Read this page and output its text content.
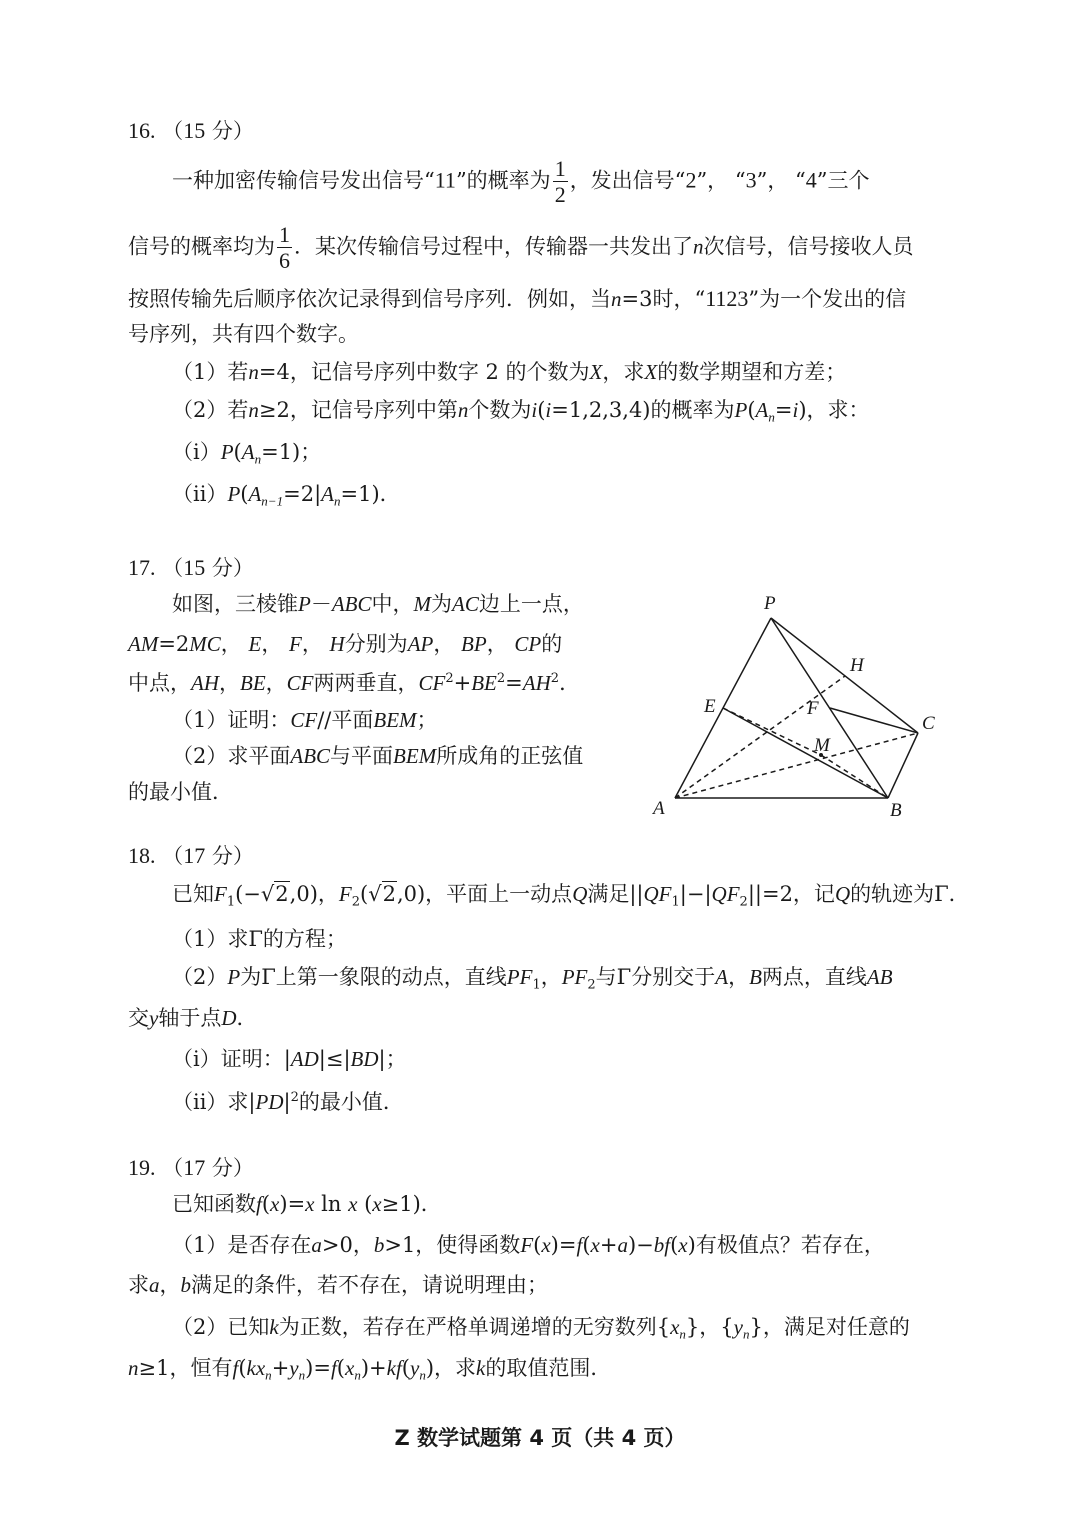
16. （15 分）
一种加密传输信号发出信号“11”的概率为 $\frac{1}{2}$ ，发出信号“2”， “3”， “4”三个
信号的概率均为 $\frac{1}{6}$ ．某次传输信号过程中，传输器一共发出了n次信号，信号接收人员
按照传输先后顺序依次记录得到信号序列．例如，当n=3时，“1123”为一个发出的信
号序列，共有四个数字。
（1）若n=4，记信号序列中数字 2 的个数为X，求X的数学期望和方差；
（2）若n≥2，记信号序列中第n个数为i(i=1,2,3,4)的概率为$P(A_n=i)$，求：
$(i)P(A_n=1)$；
$(ii)P(A_{n-1}=2|A_n=1)$．
17. （15 分）
如图，三棱锥P－ABC中，M为AC边上一点，
AM=2MC， E， F， H分别为AP， BP， CP的
中点，AH，BE，CF两两垂直，$CF^2+BE^2=AH^2$．
（1）证明：CF//平面BEM；
（2）求平面ABC与平面BEM所成角的正弦值
的最小值．
P
H
E	F
C
M
A	B
18. （17 分）
已知$F_1(-√2,0)$，$F_2(√2,0)$，平面上一动点Q满足$||QF_1|-|QF_2||=2$，记Q的轨迹为Γ．
（1）求Γ的方程；
（2）P为Γ上第一象限的动点，直线$PF_1$，$PF_2$与Γ分别交于A，B两点，直线AB
交y轴于点D．
（i）证明：|AD|≤|BD|；
（ii）求$|PD|^2$的最小值．
19. （17 分）
已知函数f(x)=x ln x (x≥1)．
（1）是否存在a>0，b>1，使得函数F(x)=f(x+a)−bf(x)有极值点？若存在，
求a，b满足的条件，若不存在，请说明理由；
（2）已知k为正数，若存在严格单调递增的无穷数列$\{x_n\}$，$\{y_n\}$，满足对任意的
n≥1，恒有$f(kx_n+y_n)=f(x_n)+kf(y_n)$，求k的取值范围．
Z 数学试题第 4 页（共 4 页）
